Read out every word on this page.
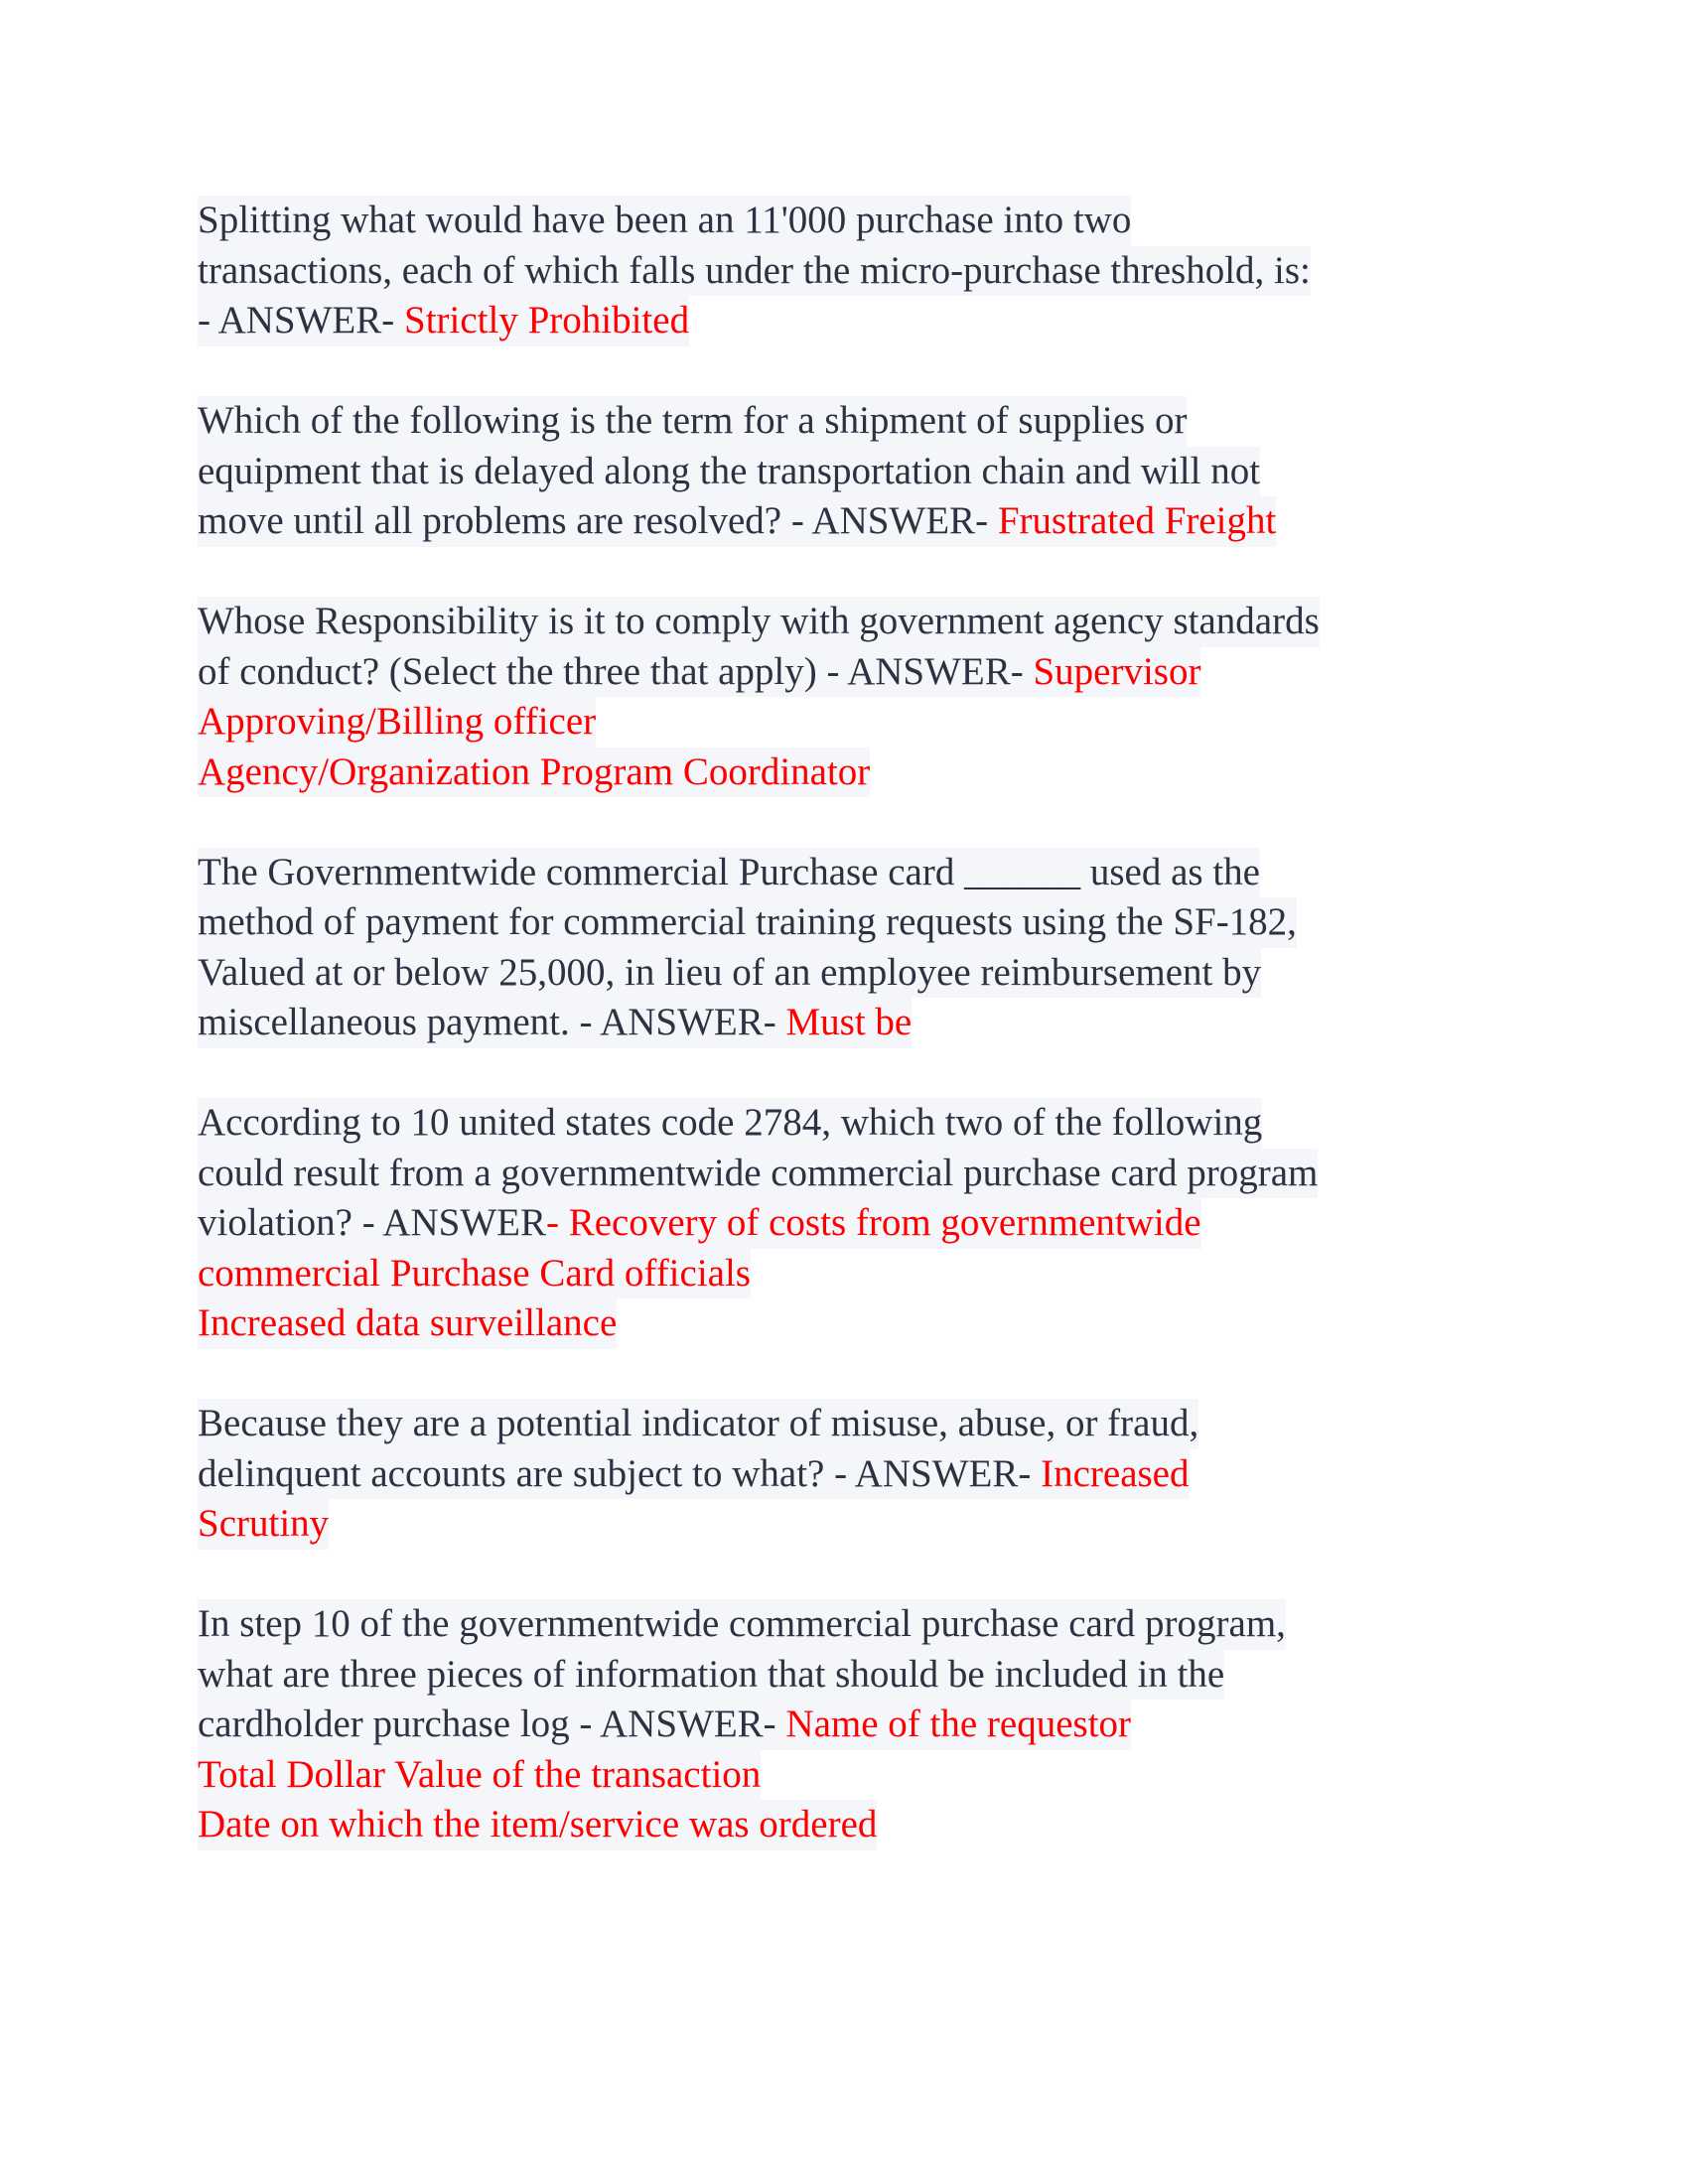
Splitting what would have been an 11'000 purchase into two
transactions, each of which falls under the micro-purchase threshold, is:
- ANSWER- Strictly Prohibited
Which of the following is the term for a shipment of supplies or
equipment that is delayed along the transportation chain and will not
move until all problems are resolved? - ANSWER- Frustrated Freight
Whose Responsibility is it to comply with government agency standards
of conduct? (Select the three that apply) - ANSWER- Supervisor
Approving/Billing officer
Agency/Organization Program Coordinator
The Governmentwide commercial Purchase card ______ used as the
method of payment for commercial training requests using the SF-182,
Valued at or below 25,000, in lieu of an employee reimbursement by
miscellaneous payment. - ANSWER- Must be
According to 10 united states code 2784, which two of the following
could result from a governmentwide commercial purchase card program
violation? - ANSWER- Recovery of costs from governmentwide
commercial Purchase Card officials
Increased data surveillance
Because they are a potential indicator of misuse, abuse, or fraud,
delinquent accounts are subject to what? - ANSWER- Increased
Scrutiny
In step 10 of the governmentwide commercial purchase card program,
what are three pieces of information that should be included in the
cardholder purchase log - ANSWER- Name of the requestor
Total Dollar Value of the transaction
Date on which the item/service was ordered
